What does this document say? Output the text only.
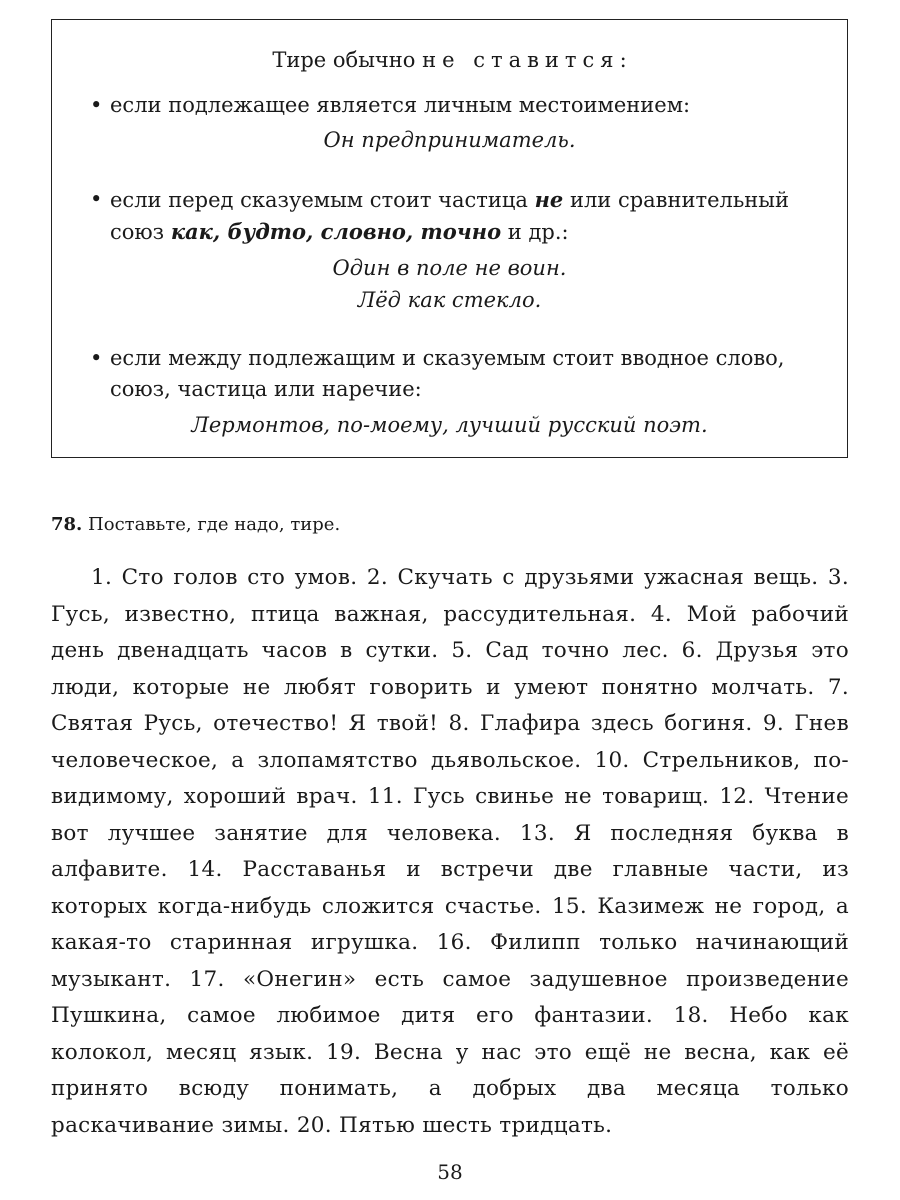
Тире обычно не ставится:
• если подлежащее является личным местоимением:
Он предприниматель.
• если перед сказуемым стоит частица не или сравнительный
союз как, будто, словно, точно и др.:
Один в поле не воин.
Лёд как стекло.
• если между подлежащим и сказуемым стоит вводное слово,
союз, частица или наречие:
Лермонтов, по-моему, лучший русский поэт.
78. Поставьте, где надо, тире.
1. Сто голов сто умов. 2. Скучать с друзьями ужасная вещь. 3. Гусь, известно, птица важная, рассудительная. 4. Мой рабочий день двенадцать часов в сутки. 5. Сад точно лес. 6. Друзья это люди, которые не любят говорить и умеют понятно молчать. 7. Святая Русь, отечество! Я твой! 8. Глафира здесь богиня. 9. Гнев человеческое, а злопамятство дьявольское. 10. Стрельников, по-видимому, хороший врач. 11. Гусь свинье не товарищ. 12. Чтение вот лучшее занятие для человека. 13. Я последняя буква в алфавите. 14. Расставанья и встречи две главные части, из которых когда-нибудь сложится счастье. 15. Казимеж не город, а какая-то старинная игрушка. 16. Филипп только начинающий музыкант. 17. «Онегин» есть самое задушевное произведение Пушкина, самое любимое дитя его фантазии. 18. Небо как колокол, месяц язык. 19. Весна у нас это ещё не весна, как её принято всюду понимать, а добрых два месяца только раскачивание зимы. 20. Пятью шесть тридцать.
58
